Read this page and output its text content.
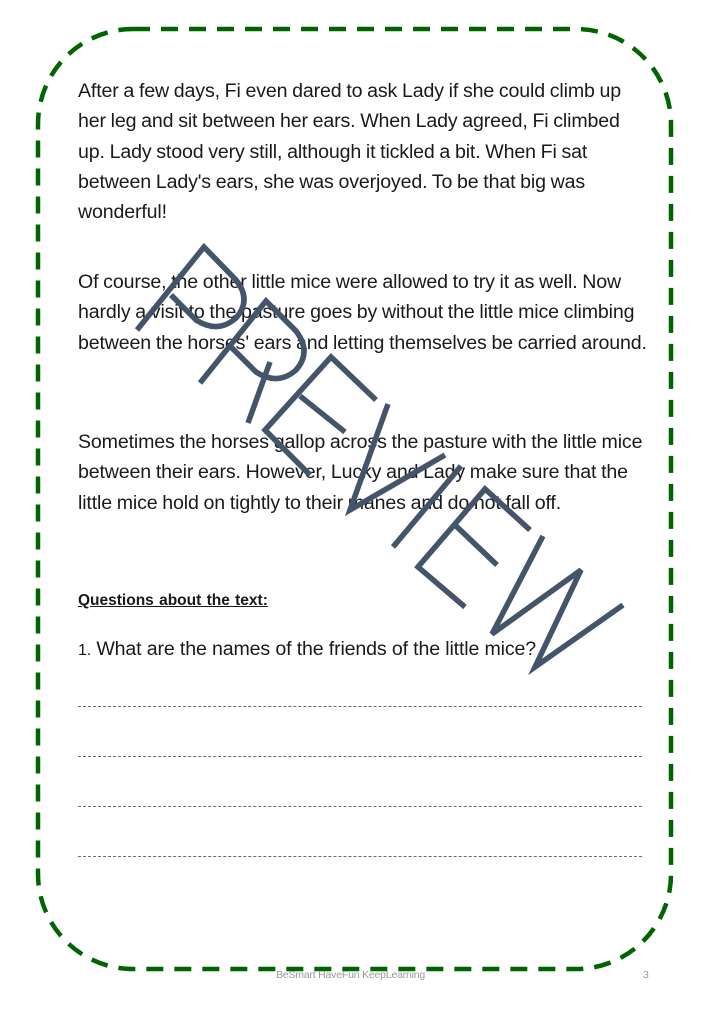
After a few days, Fi even dared to ask Lady if she could climb up her leg and sit between her ears. When Lady agreed, Fi climbed up. Lady stood very still, although it tickled a bit. When Fi sat between Lady's ears, she was overjoyed. To be that big was wonderful!

Of course, the other little mice were allowed to try it as well. Now hardly a visit to the pasture goes by without the little mice climbing between the horses' ears and letting themselves be carried around.

Sometimes the horses gallop across the pasture with the little mice between their ears. However, Lucky and Lady make sure that the little mice hold on tightly to their manes and do not fall off.

Questions about the text:
1. What are the names of the friends of the little mice?
BeSmart HaveFun KeepLearning	3
